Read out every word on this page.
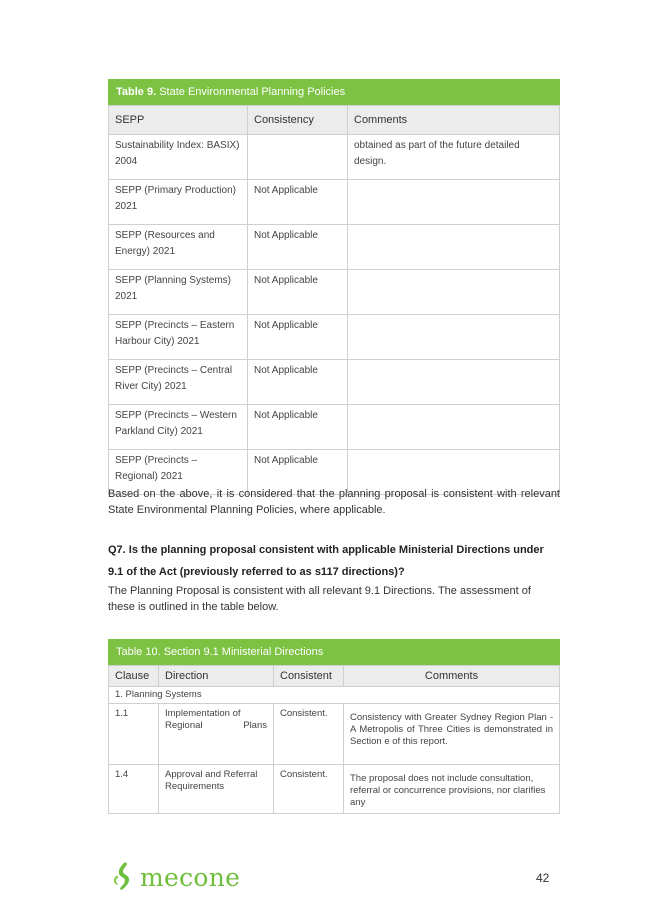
Table 9. State Environmental Planning Policies
SEPP	Consistency	Comments
Sustainability Index: BASIX) 2004		obtained as part of the future detailed design.
SEPP (Primary Production) 2021	Not Applicable	
SEPP (Resources and Energy) 2021	Not Applicable	
SEPP (Planning Systems) 2021	Not Applicable	
SEPP (Precincts – Eastern Harbour City) 2021	Not Applicable	
SEPP (Precincts – Central River City) 2021	Not Applicable	
SEPP (Precincts – Western Parkland City) 2021	Not Applicable	
SEPP (Precincts – Regional) 2021	Not Applicable	

Based on the above, it is considered that the planning proposal is consistent with relevant State Environmental Planning Policies, where applicable.

Q7. Is the planning proposal consistent with applicable Ministerial Directions under 9.1 of the Act (previously referred to as s117 directions)?

The Planning Proposal is consistent with all relevant 9.1 Directions. The assessment of these is outlined in the table below.

Table 10. Section 9.1 Ministerial Directions
Clause	Direction	Consistent	Comments
1. Planning Systems			
1.1	Implementation of Regional Plans	Consistent.	Consistency with Greater Sydney Region Plan - A Metropolis of Three Cities is demonstrated in Section e of this report.
1.4	Approval and Referral Requirements	Consistent.	The proposal does not include consultation, referral or concurrence provisions, nor clarifies any
mecone	42
